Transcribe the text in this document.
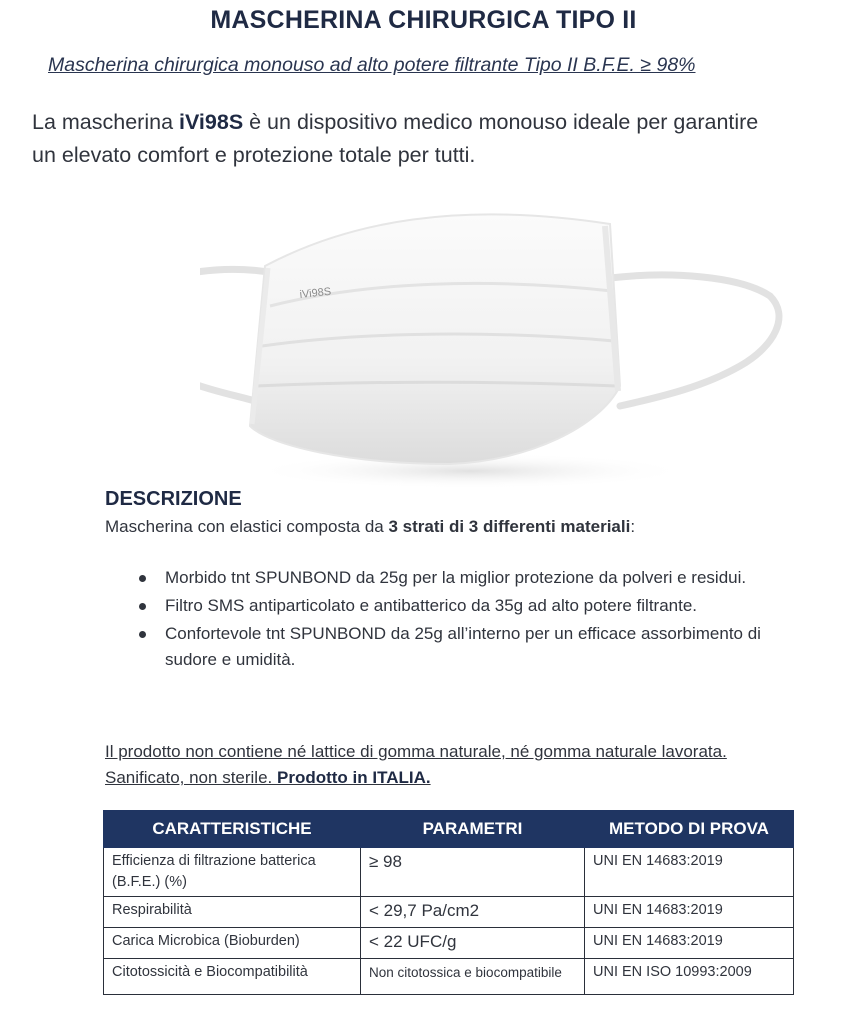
MASCHERINA CHIRURGICA TIPO II
Mascherina chirurgica monouso ad alto potere filtrante Tipo II B.F.E. ≥ 98%
La mascherina iVi98S è un dispositivo medico monouso ideale per garantire
un elevato comfort e protezione totale per tutti.
iVi98S
DESCRIZIONE
Mascherina con elastici composta da 3 strati di 3 differenti materiali:
Morbido tnt SPUNBOND da 25g per la miglior protezione da polveri e residui.
Filtro SMS antiparticolato e antibatterico da 35g ad alto potere filtrante.
Confortevole tnt SPUNBOND da 25g all’interno per un efficace assorbimento di sudore e umidità.
Il prodotto non contiene né lattice di gomma naturale, né gomma naturale lavorata. Sanificato, non sterile. Prodotto in ITALIA.
CARATTERISTICHE	PARAMETRI	METODO DI PROVA
Efficienza di filtrazione batterica (B.F.E.) (%)	≥ 98	UNI EN 14683:2019
Respirabilità	< 29,7 Pa/cm2	UNI EN 14683:2019
Carica Microbica (Bioburden)	< 22 UFC/g	UNI EN 14683:2019
Citotossicità e Biocompatibilità	Non citotossica e biocompatibile	UNI EN ISO 10993:2009
